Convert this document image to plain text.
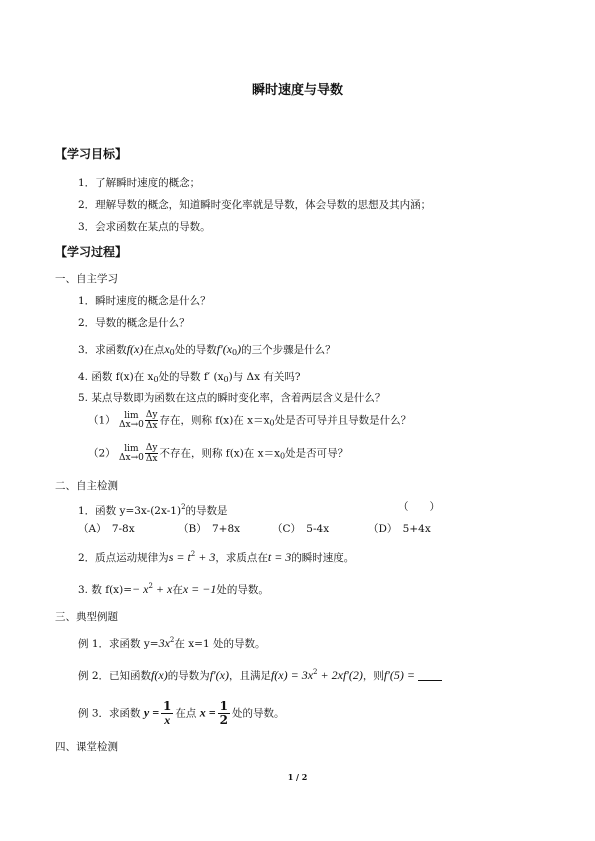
瞬时速度与导数
【学习目标】
1．了解瞬时速度的概念；
2．理解导数的概念，知道瞬时变化率就是导数，体会导数的思想及其内涵；
3．会求函数在某点的导数。
【学习过程】
一、自主学习
1．瞬时速度的概念是什么？
2．导数的概念是什么？
3．求函数f(x)在点x0处的导数f′(x0)的三个步骤是什么？
4. 函数 f(x)在 x0处的导数 f′ (x0)与 Δx 有关吗?
5. 某点导数即为函数在这点的瞬时变化率，含着两层含义是什么？
（1） lim
$\Delta x\to 0 \frac{\Delta y}{\Delta x}$ 存在，则称 f(x)在 x＝x0处是否可导并且导数是什么？
（2） lim
$\Delta x\to 0 \frac{\Delta y}{\Delta x}$ 不存在，则称 f(x)在 x＝x0处是否可导？
二、自主检测
1．函数 $y=3x-(2x-1)^2$的导数是	（　　）
（A）　7-8x	（B）　7+8x	（C）　5-4x	（D）　5+4x
2．质点运动规律为$s = t^2 + 3$，求质点在t = 3的瞬时速度。
3. 数 $f(x)=- x^2 + x$在x = −1处的导数。
三、典型例题
例 1．求函数 $y=3x^2$在 x=1 处的导数。
例 2．已知函数f(x)的导数为f′(x)，且满足$f(x) = 3x^2 + 2xf'(2)$，则f′(5) =
例 3．求函数 $y = \frac{1}{x}$ 在点 $x = \frac{1}{2}$ 处的导数。
四、课堂检测
1 / 2
